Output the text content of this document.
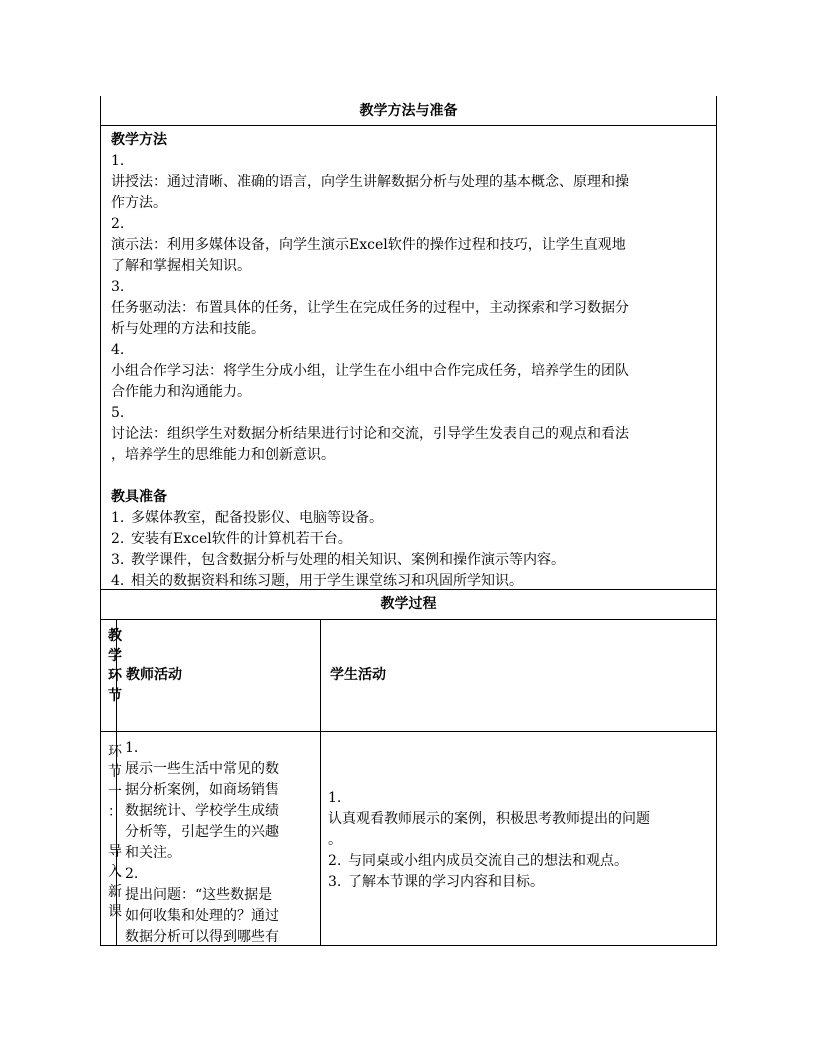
教学方法与准备
教学方法
1.
讲授法：通过清晰、准确的语言，向学生讲解数据分析与处理的基本概念、原理和操
作方法。
2.
演示法：利用多媒体设备，向学生演示Excel软件的操作过程和技巧，让学生直观地
了解和掌握相关知识。
3.
任务驱动法：布置具体的任务，让学生在完成任务的过程中，主动探索和学习数据分
析与处理的方法和技能。
4.
小组合作学习法：将学生分成小组，让学生在小组中合作完成任务，培养学生的团队
合作能力和沟通能力。
5.
讨论法：组织学生对数据分析结果进行讨论和交流，引导学生发表自己的观点和看法
，培养学生的思维能力和创新意识。
教具准备
1. 多媒体教室，配备投影仪、电脑等设备。
2. 安装有Excel软件的计算机若干台。
3. 教学课件，包含数据分析与处理的相关知识、案例和操作演示等内容。
4. 相关的数据资料和练习题，用于学生课堂练习和巩固所学知识。
教学过程
教师活动	学生活动
教
学
环
节
环
节
一
：
导
入
新
课
1.
展示一些生活中常见的数
据分析案例，如商场销售
数据统计、学校学生成绩
分析等，引起学生的兴趣
和关注。
2.
提出问题：“这些数据是
如何收集和处理的？通过
数据分析可以得到哪些有
1.
认真观看教师展示的案例，积极思考教师提出的问题
。
2. 与同桌或小组内成员交流自己的想法和观点。
3. 了解本节课的学习内容和目标。
